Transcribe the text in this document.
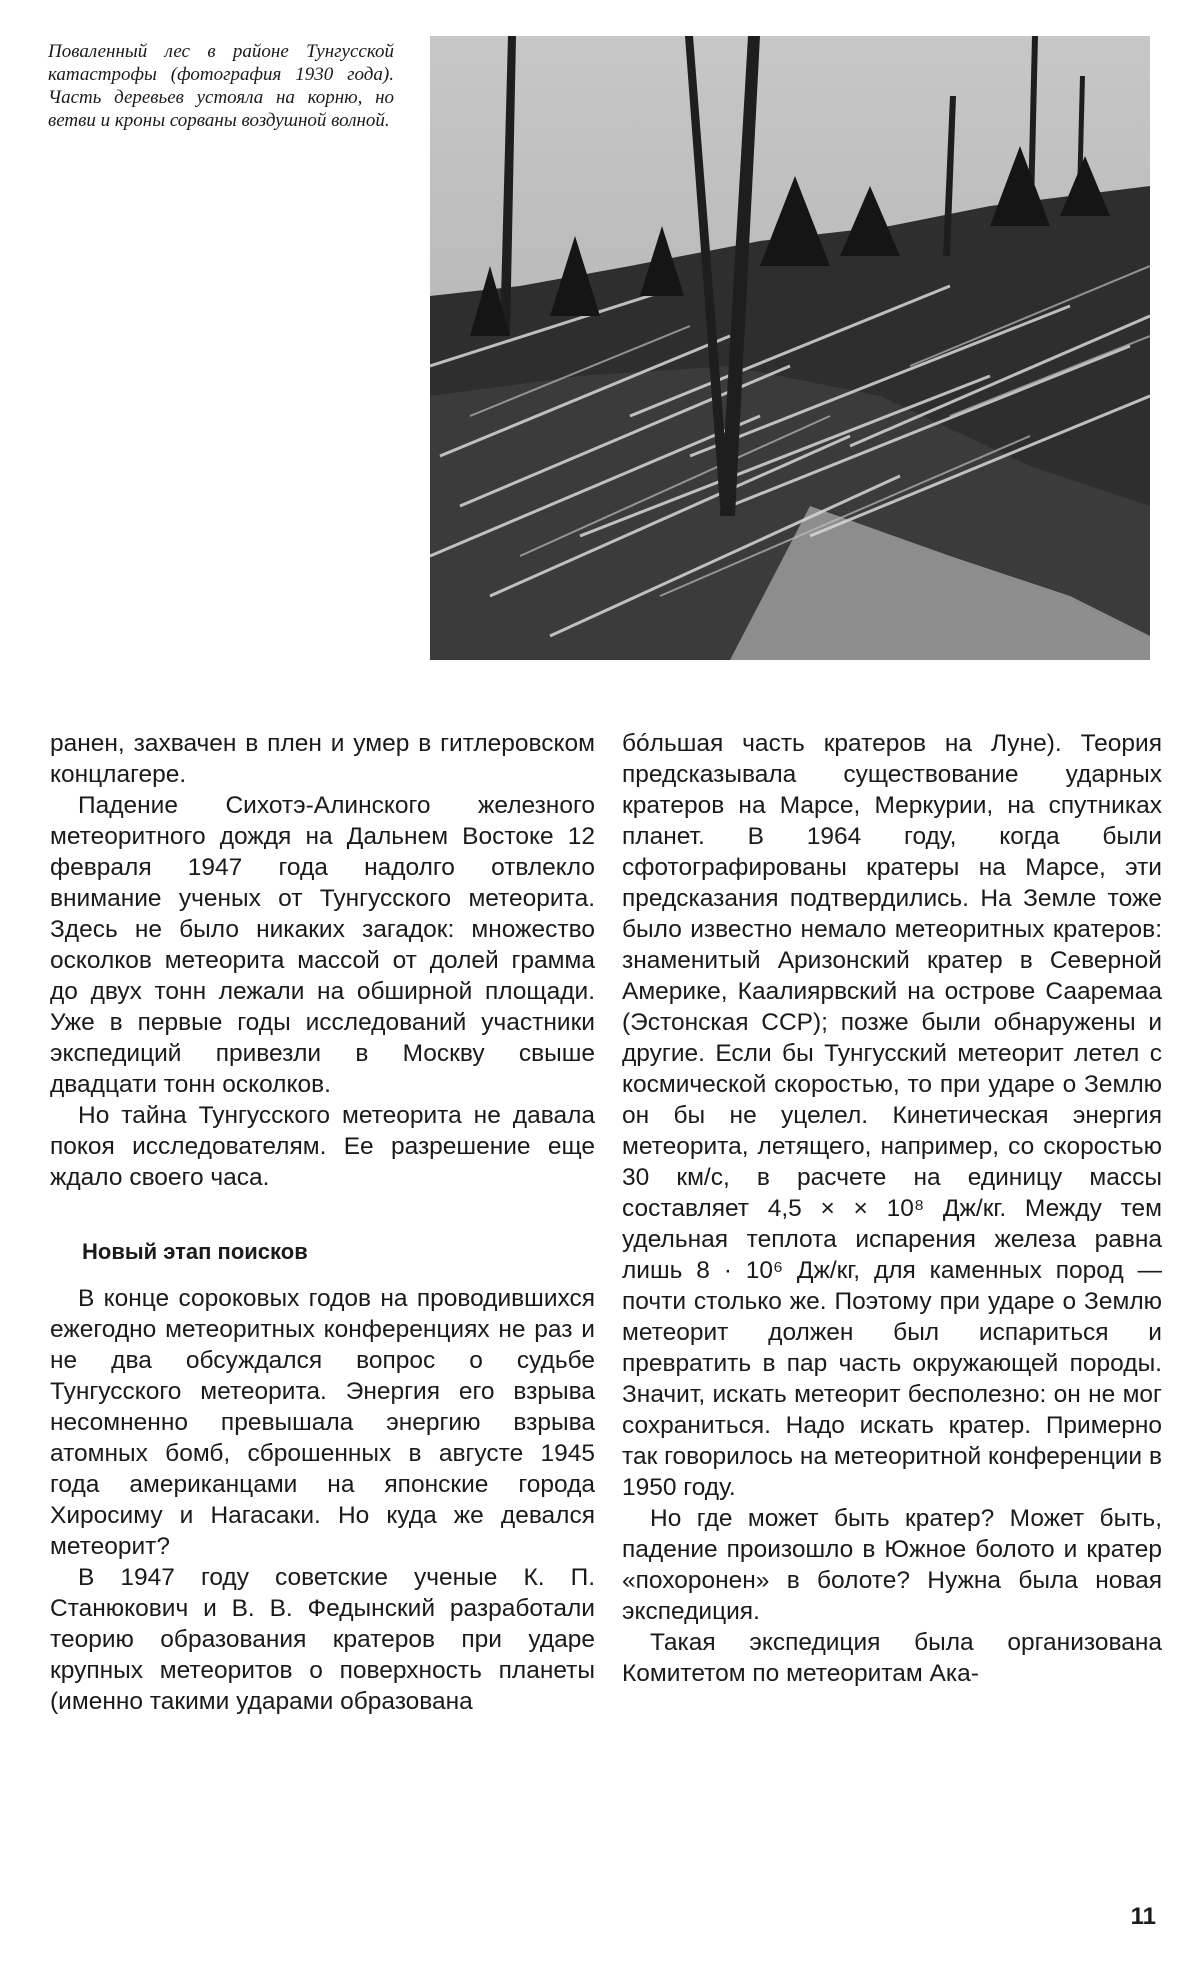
Поваленный лес в районе Тунгусской катастрофы (фотография 1930 года). Часть деревьев устояла на корню, но ветви и кроны сорваны воздушной волной.

ранен, захвачен в плен и умер в гитлеровском концлагере.

Падение Сихотэ-Алинского железного метеоритного дождя на Дальнем Востоке 12 февраля 1947 года надолго отвлекло внимание ученых от Тунгусского метеорита. Здесь не было никаких загадок: множество осколков метеорита массой от долей грамма до двух тонн лежали на обширной площади. Уже в первые годы исследований участники экспедиций привезли в Москву свыше двадцати тонн осколков.

Но тайна Тунгусского метеорита не давала покоя исследователям. Ее разрешение еще ждало своего часа.

Новый этап поисков

В конце сороковых годов на проводившихся ежегодно метеоритных конференциях не раз и не два обсуждался вопрос о судьбе Тунгусского метеорита. Энергия его взрыва несомненно превышала энергию взрыва атомных бомб, сброшенных в августе 1945 года американцами на японские города Хиросиму и Нагасаки. Но куда же девался метеорит?

В 1947 году советские ученые К. П. Станюкович и В. В. Федынский разработали теорию образования кратеров при ударе крупных метеоритов о поверхность планеты (именно такими ударами образована

бóльшая часть кратеров на Луне). Теория предсказывала существование ударных кратеров на Марсе, Меркурии, на спутниках планет. В 1964 году, когда были сфотографированы кратеры на Марсе, эти предсказания подтвердились. На Земле тоже было известно немало метеоритных кратеров: знаменитый Аризонский кратер в Северной Америке, Каалиярвский на острове Сааремаа (Эстонская ССР); позже были обнаружены и другие. Если бы Тунгусский метеорит летел с космической скоростью, то при ударе о Землю он бы не уцелел. Кинетическая энергия метеорита, летящего, например, со скоростью 30 км/с, в расчете на единицу массы составляет 4,5 × × 10⁸ Дж/кг. Между тем удельная теплота испарения железа равна лишь 8 · 10⁶ Дж/кг, для каменных пород — почти столько же. Поэтому при ударе о Землю метеорит должен был испариться и превратить в пар часть окружающей породы. Значит, искать метеорит бесполезно: он не мог сохраниться. Надо искать кратер. Примерно так говорилось на метеоритной конференции в 1950 году.

Но где может быть кратер? Может быть, падение произошло в Южное болото и кратер «похоронен» в болоте? Нужна была новая экспедиция.

Такая экспедиция была организована Комитетом по метеоритам Ака-

11
